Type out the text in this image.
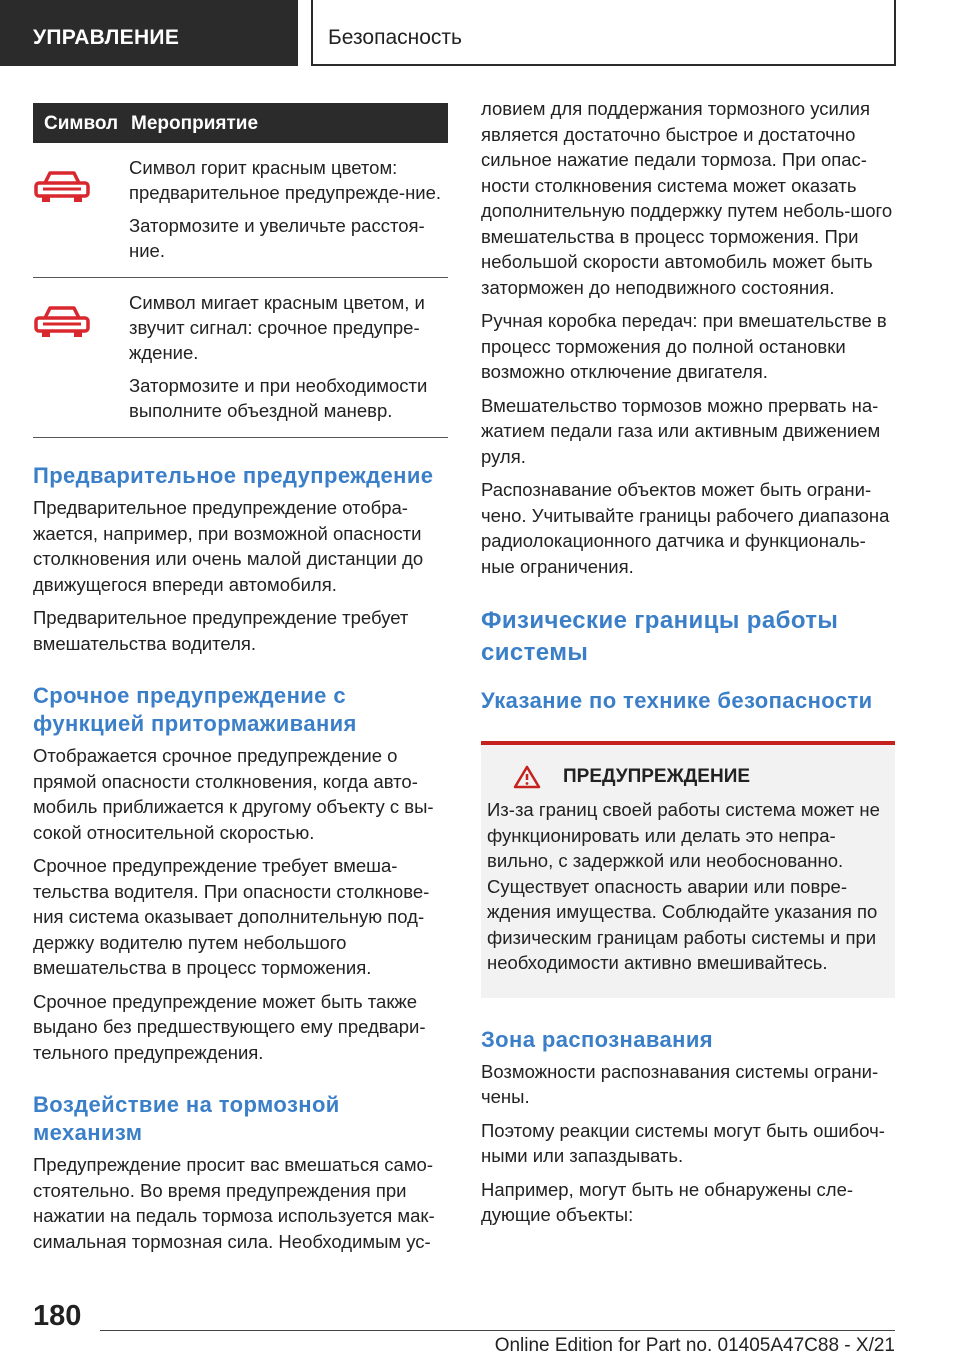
УПРАВЛЕНИЕ	Безопасность
Символ Мероприятие

Символ горит красным цветом: предварительное предупрежде-ние.

Затормозите и увеличьте расстоя-ние.

Символ мигает красным цветом, и звучит сигнал: срочное предупре-ждение.

Затормозите и при необходимости выполните объездной маневр.

Предварительное предупреждение

Предварительное предупреждение отобра-жается, например, при возможной опасности столкновения или очень малой дистанции до движущегося впереди автомобиля.

Предварительное предупреждение требует вмешательства водителя.

Срочное предупреждение с функцией притормаживания

Отображается срочное предупреждение о прямой опасности столкновения, когда авто-мобиль приближается к другому объекту с вы-сокой относительной скоростью.

Срочное предупреждение требует вмеша-тельства водителя. При опасности столкнове-ния система оказывает дополнительную под-держку водителю путем небольшого вмешательства в процесс торможения.

Срочное предупреждение может быть также выдано без предшествующего ему предвари-тельного предупреждения.

Воздействие на тормозной механизм

Предупреждение просит вас вмешаться само-стоятельно. Во время предупреждения при нажатии на педаль тормоза используется мак-симальная тормозная сила. Необходимым ус-

ловием для поддержания тормозного усилия является достаточно быстрое и достаточно сильное нажатие педали тормоза. При опас-ности столкновения система может оказать дополнительную поддержку путем неболь-шого вмешательства в процесс торможения. При небольшой скорости автомобиль может быть заторможен до неподвижного состояния.

Ручная коробка передач: при вмешательстве в процесс торможения до полной остановки возможно отключение двигателя.

Вмешательство тормозов можно прервать на-жатием педали газа или активным движением руля.

Распознавание объектов может быть ограни-чено. Учитывайте границы рабочего диапазона радиолокационного датчика и функциональ-ные ограничения.

Физические границы работы системы
Указание по технике безопасности
ПРЕДУПРЕЖДЕНИЕ

Из-за границ своей работы система может не функционировать или делать это непра-вильно, с задержкой или необоснованно. Существует опасность аварии или повре-ждения имущества. Соблюдайте указания по физическим границам работы системы и при необходимости активно вмешивайтесь.

Зона распознавания

Возможности распознавания системы ограни-чены.

Поэтому реакции системы могут быть ошибоч-ными или запаздывать.

Например, могут быть не обнаружены сле-дующие объекты:

180
Online Edition for Part no. 01405A47C88 - X/21
